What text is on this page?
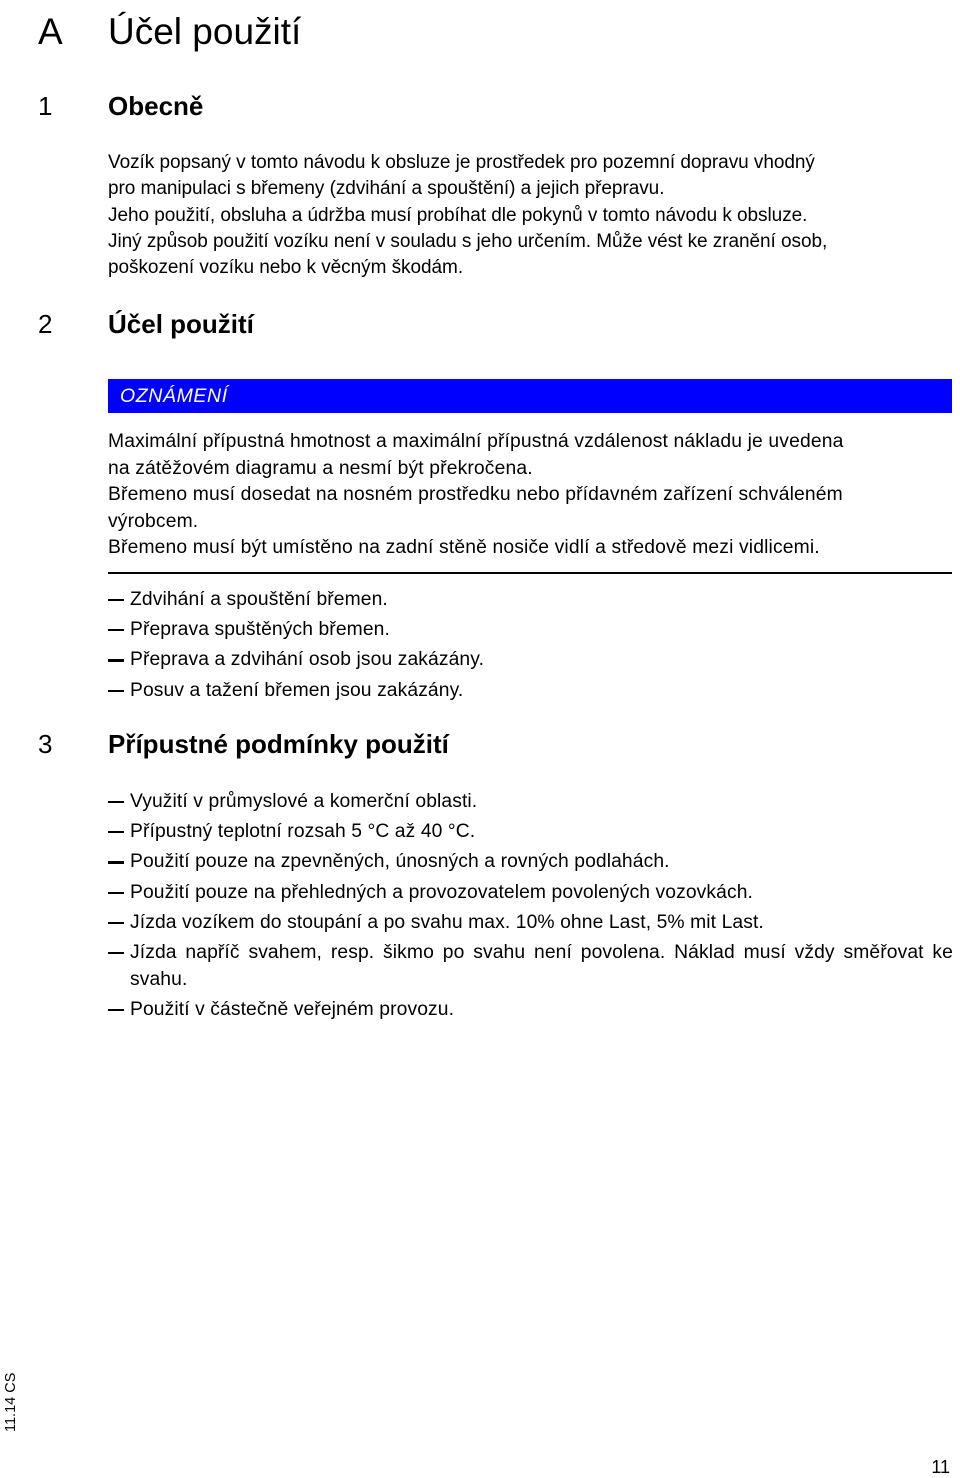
A Účel použití
1 Obecně

Vozík popsaný v tomto návodu k obsluze je prostředek pro pozemní dopravu vhodný

pro manipulaci s břemeny (zdvihání a spouštění) a jejich přepravu.

Jeho použití, obsluha a údržba musí probíhat dle pokynů v tomto návodu k obsluze.

Jiný způsob použití vozíku není v souladu s jeho určením. Může vést ke zranění osob,

poškození vozíku nebo k věcným škodám.

2 Účel použití
OZNÁMENÍ

Maximální přípustná hmotnost a maximální přípustná vzdálenost nákladu je uvedena

na zátěžovém diagramu a nesmí být překročena.

Břemeno musí dosedat na nosném prostředku nebo přídavném zařízení schváleném

výrobcem.

Břemeno musí být umístěno na zadní stěně nosiče vidlí a středově mezi vidlicemi.

Zdvihání a spouštění břemen.
Přeprava spuštěných břemen.
Přeprava a zdvihání osob jsou zakázány.
Posuv a tažení břemen jsou zakázány.
3 Přípustné podmínky použití
Využití v průmyslové a komerční oblasti.
Přípustný teplotní rozsah 5 °C až 40 °C.
Použití pouze na zpevněných, únosných a rovných podlahách.
Použití pouze na přehledných a provozovatelem povolených vozovkách.
Jízda vozíkem do stoupání a po svahu max. 10% ohne Last, 5% mit Last.
Jízda napříč svahem, resp. šikmo po svahu není povolena. Náklad musí vždy směřovat ke svahu.
Použití v částečně veřejném provozu.
11.14 CS
11
